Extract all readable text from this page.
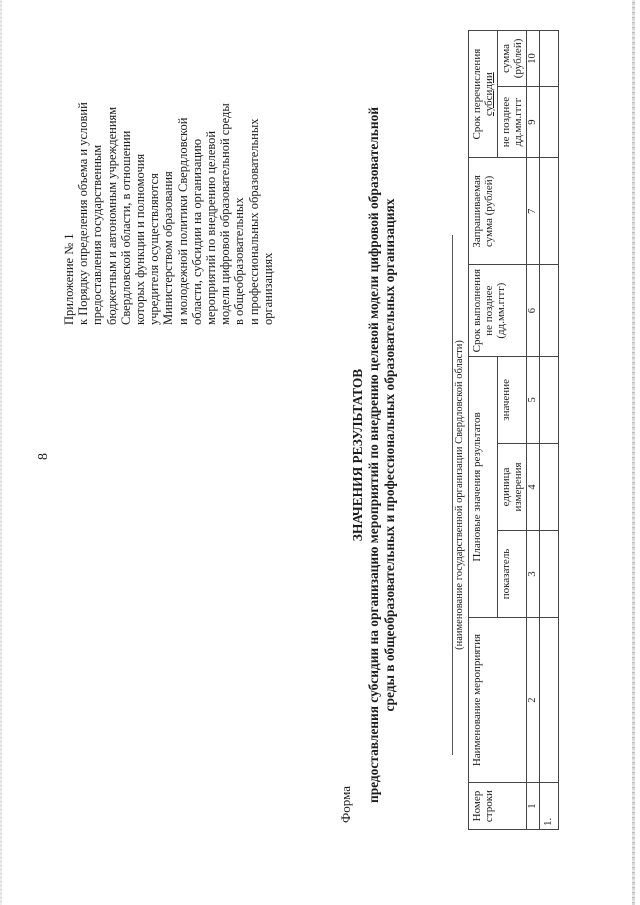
8
Приложение № 1 к Порядку определения объема и условий предоставления государственным бюджетным и автономным учреждениям Свердловской области, в отношении которых функции и полномочия учредителя осуществляются Министерством образования и молодежной политики Свердловской области, субсидии на организацию мероприятий по внедрению целевой модели цифровой образовательной среды в общеобразовательных и профессиональных образовательных организациях
Форма
ЗНАЧЕНИЯ РЕЗУЛЬТАТОВ предоставления субсидии на организацию мероприятий по внедрению целевой модели цифровой образовательной среды в общеобразовательных и профессиональных образовательных организациях	(наименование государственной организации Свердловской области)
Номер строки	Наименование мероприятия	Плановые значения результатов			Срок выполнения не позднее (дд.мм.гггг)	Запрашиваемая сумма (рублей)	Срок перечисления
субсидии	
		показатель	единица измерения	значение			не позднее дд.мм.гггг	сумма (рублей)
1	2	3	4	5	6	7	9	10
1.								
